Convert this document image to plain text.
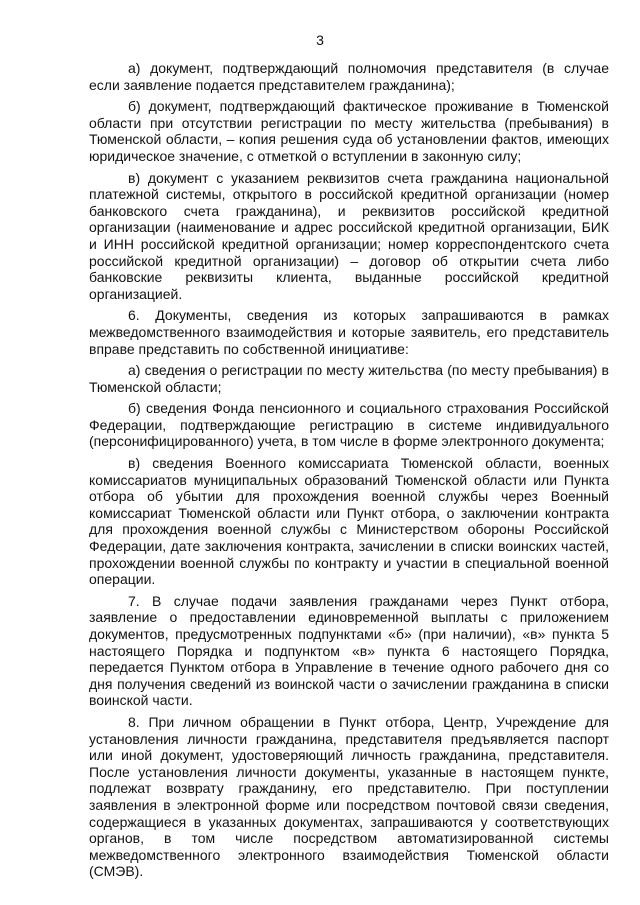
3

а) документ, подтверждающий полномочия представителя (в случае если заявление подается представителем гражданина);

б) документ, подтверждающий фактическое проживание в Тюменской области при отсутствии регистрации по месту жительства (пребывания) в Тюменской области, – копия решения суда об установлении фактов, имеющих юридическое значение, с отметкой о вступлении в законную силу;

в) документ с указанием реквизитов счета гражданина национальной платежной системы, открытого в российской кредитной организации (номер банковского счета гражданина), и реквизитов российской кредитной организации (наименование и адрес российской кредитной организации, БИК и ИНН российской кредитной организации; номер корреспондентского счета российской кредитной организации) – договор об открытии счета либо банковские реквизиты клиента, выданные российской кредитной организацией.

6. Документы, сведения из которых запрашиваются в рамках межведомственного взаимодействия и которые заявитель, его представитель вправе представить по собственной инициативе:

а) сведения о регистрации по месту жительства (по месту пребывания) в Тюменской области;

б) сведения Фонда пенсионного и социального страхования Российской Федерации, подтверждающие регистрацию в системе индивидуального (персонифицированного) учета, в том числе в форме электронного документа;

в) сведения Военного комиссариата Тюменской области, военных комиссариатов муниципальных образований Тюменской области или Пункта отбора об убытии для прохождения военной службы через Военный комиссариат Тюменской области или Пункт отбора, о заключении контракта для прохождения военной службы с Министерством обороны Российской Федерации, дате заключения контракта, зачислении в списки воинских частей, прохождении военной службы по контракту и участии в специальной военной операции.

7. В случае подачи заявления гражданами через Пункт отбора, заявление о предоставлении единовременной выплаты с приложением документов, предусмотренных подпунктами «б» (при наличии), «в» пункта 5 настоящего Порядка и подпунктом «в» пункта 6 настоящего Порядка, передается Пунктом отбора в Управление в течение одного рабочего дня со дня получения сведений из воинской части о зачислении гражданина в списки воинской части.

8. При личном обращении в Пункт отбора, Центр, Учреждение для установления личности гражданина, представителя предъявляется паспорт или иной документ, удостоверяющий личность гражданина, представителя. После установления личности документы, указанные в настоящем пункте, подлежат возврату гражданину, его представителю. При поступлении заявления в электронной форме или посредством почтовой связи сведения, содержащиеся в указанных документах, запрашиваются у соответствующих органов, в том числе посредством автоматизированной системы межведомственного электронного взаимодействия Тюменской области (СМЭВ).
